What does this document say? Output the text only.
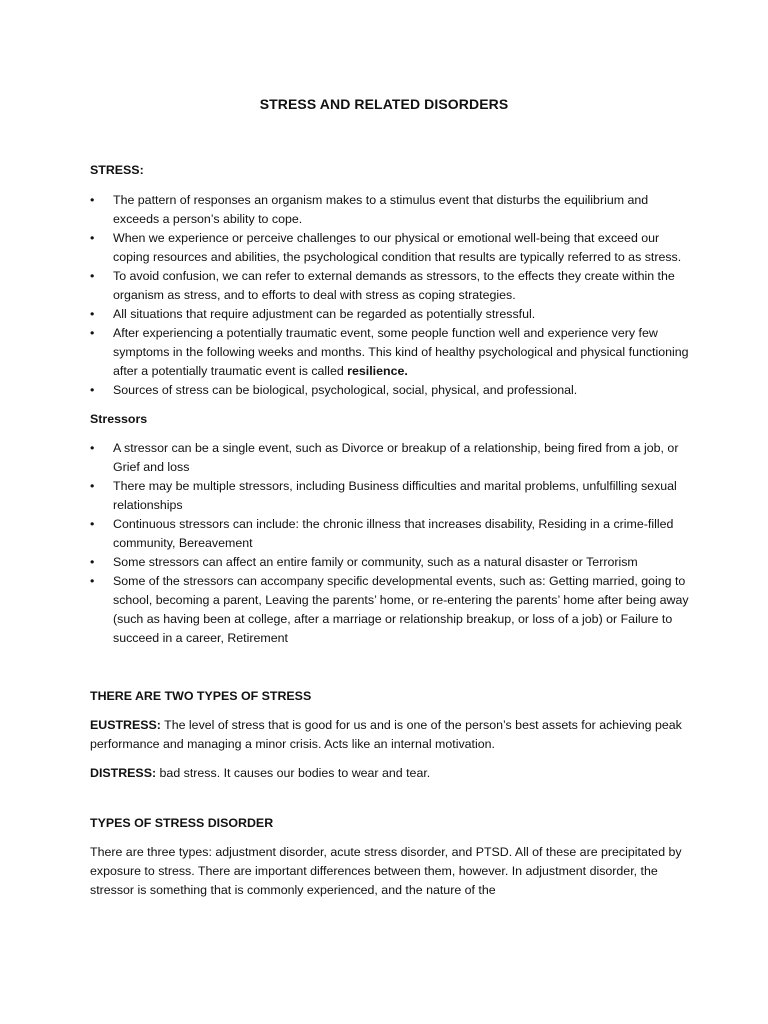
STRESS AND RELATED DISORDERS

STRESS:

• The pattern of responses an organism makes to a stimulus event that disturbs the equilibrium and exceeds a person’s ability to cope.
• When we experience or perceive challenges to our physical or emotional well-being that exceed our coping resources and abilities, the psychological condition that results are typically referred to as stress.
• To avoid confusion, we can refer to external demands as stressors, to the effects they create within the organism as stress, and to efforts to deal with stress as coping strategies.
• All situations that require adjustment can be regarded as potentially stressful.
• After experiencing a potentially traumatic event, some people function well and experience very few symptoms in the following weeks and months. This kind of healthy psychological and physical functioning after a potentially traumatic event is called resilience.
• Sources of stress can be biological, psychological, social, physical, and professional.

Stressors

• A stressor can be a single event, such as Divorce or breakup of a relationship, being fired from a job, or Grief and loss
• There may be multiple stressors, including Business difficulties and marital problems, unfulfilling sexual relationships
• Continuous stressors can include: the chronic illness that increases disability, Residing in a crime-filled community, Bereavement
• Some stressors can affect an entire family or community, such as a natural disaster or Terrorism
• Some of the stressors can accompany specific developmental events, such as: Getting married, going to school, becoming a parent, Leaving the parents’ home, or re-entering the parents’ home after being away (such as having been at college, after a marriage or relationship breakup, or loss of a job) or Failure to succeed in a career, Retirement

THERE ARE TWO TYPES OF STRESS

EUSTRESS: The level of stress that is good for us and is one of the person’s best assets for achieving peak performance and managing a minor crisis. Acts like an internal motivation.

DISTRESS: bad stress. It causes our bodies to wear and tear.

TYPES OF STRESS DISORDER

There are three types: adjustment disorder, acute stress disorder, and PTSD. All of these are precipitated by exposure to stress. There are important differences between them, however. In adjustment disorder, the stressor is something that is commonly experienced, and the nature of the
